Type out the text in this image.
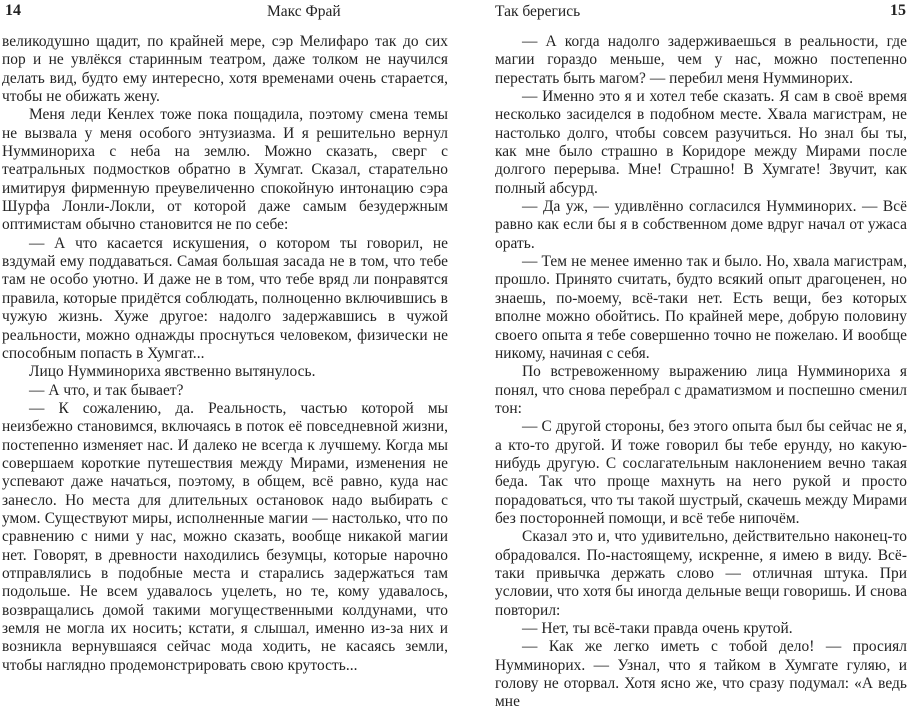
14	Макс Фрай

великодушно щадит, по крайней мере, сэр Мелифаро так до сих пор и не увлёкся старинным театром, даже толком не научился делать вид, будто ему интересно, хотя временами очень старается, чтобы не обижать жену.

Меня леди Кенлех тоже пока пощадила, поэтому смена темы не вызвала у меня особого энтузиазма. И я решительно вернул Нумминориха с неба на землю. Можно сказать, сверг с театральных подмостков обратно в Хумгат. Сказал, старательно имитируя фирменную преувеличенно спокойную интонацию сэра Шурфа Лонли-Локли, от которой даже самым безудержным оптимистам обычно становится не по себе:

— А что касается искушения, о котором ты говорил, не вздумай ему поддаваться. Самая большая засада не в том, что тебе там не особо уютно. И даже не в том, что тебе вряд ли понравятся правила, которые придётся соблюдать, полноценно включившись в чужую жизнь. Хуже другое: надолго задержавшись в чужой реальности, можно однажды проснуться человеком, физически не способным попасть в Хумгат...

Лицо Нумминориха явственно вытянулось.

— А что, и так бывает?

— К сожалению, да. Реальность, частью которой мы неизбежно становимся, включаясь в поток её повседневной жизни, постепенно изменяет нас. И далеко не всегда к лучшему. Когда мы совершаем короткие путешествия между Мирами, изменения не успевают даже начаться, поэтому, в общем, всё равно, куда нас занесло. Но места для длительных остановок надо выбирать с умом. Существуют миры, исполненные магии — настолько, что по сравнению с ними у нас, можно сказать, вообще никакой магии нет. Говорят, в древности находились безумцы, которые нарочно отправлялись в подобные места и старались задержаться там подольше. Не всем удавалось уцелеть, но те, кому удавалось, возвращались домой такими могущественными колдунами, что земля не могла их носить; кстати, я слышал, именно из-за них и возникла вернувшаяся сейчас мода ходить, не касаясь земли, чтобы наглядно продемонстрировать свою крутость...

Так берегись	15

— А когда надолго задерживаешься в реальности, где магии гораздо меньше, чем у нас, можно постепенно перестать быть магом? — перебил меня Нумминорих.

— Именно это я и хотел тебе сказать. Я сам в своё время несколько засиделся в подобном месте. Хвала магистрам, не настолько долго, чтобы совсем разучиться. Но знал бы ты, как мне было страшно в Коридоре между Мирами после долгого перерыва. Мне! Страшно! В Хумгате! Звучит, как полный абсурд.

— Да уж, — удивлённо согласился Нумминорих. — Всё равно как если бы я в собственном доме вдруг начал от ужаса орать.

— Тем не менее именно так и было. Но, хвала магистрам, прошло. Принято считать, будто всякий опыт драгоценен, но знаешь, по-моему, всё-таки нет. Есть вещи, без которых вполне можно обойтись. По крайней мере, добрую половину своего опыта я тебе совершенно точно не пожелаю. И вообще никому, начиная с себя.

По встревоженному выражению лица Нумминориха я понял, что снова перебрал с драматизмом и поспешно сменил тон:

— С другой стороны, без этого опыта был бы сейчас не я, а кто-то другой. И тоже говорил бы тебе ерунду, но какую-нибудь другую. С сослагательным наклонением вечно такая беда. Так что проще махнуть на него рукой и просто порадоваться, что ты такой шустрый, скачешь между Мирами без посторонней помощи, и всё тебе нипочём.

Сказал это и, что удивительно, действительно наконец-то обрадовался. По-настоящему, искренне, я имею в виду. Всё-таки привычка держать слово — отличная штука. При условии, что хотя бы иногда дельные вещи говоришь. И снова повторил:

— Нет, ты всё-таки правда очень крутой.

— Как же легко иметь с тобой дело! — просиял Нумминорих. — Узнал, что я тайком в Хумгате гуляю, и голову не оторвал. Хотя ясно же, что сразу подумал: «А ведь мне
